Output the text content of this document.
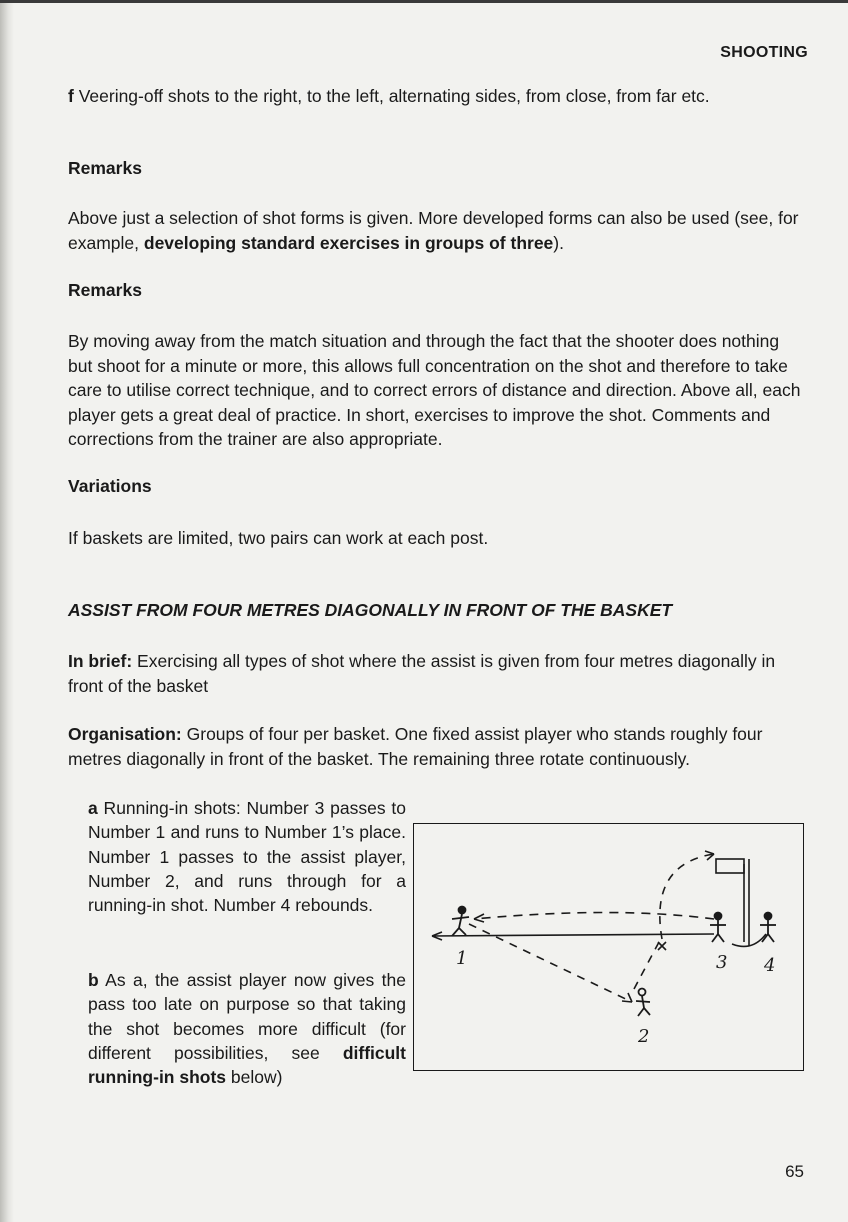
SHOOTING
f Veering-off shots to the right, to the left, alternating sides, from close, from far etc.
Remarks
Above just a selection of shot forms is given. More developed forms can also be used (see, for example, developing standard exercises in groups of three).
Remarks
By moving away from the match situation and through the fact that the shooter does nothing but shoot for a minute or more, this allows full concentration on the shot and therefore to take care to utilise correct technique, and to correct errors of distance and direction. Above all, each player gets a great deal of practice. In short, exercises to improve the shot. Comments and corrections from the trainer are also appropriate.
Variations
If baskets are limited, two pairs can work at each post.
ASSIST FROM FOUR METRES DIAGONALLY IN FRONT OF THE BASKET
In brief: Exercising all types of shot where the assist is given from four metres diagonally in front of the basket
Organisation: Groups of four per basket. One fixed assist player who stands roughly four metres diagonally in front of the basket. The remaining three rotate continuously.
a Running-in shots: Number 3 passes to Number 1 and runs to Number 1’s place. Number 1 passes to the assist player, Number 2, and runs through for a running-in shot. Number 4 rebounds.
b As a, the assist player now gives the pass too late on purpose so that taking the shot becomes more difficult (for different possibilities, see difficult running-in shots below)
1	3 4
2
65
